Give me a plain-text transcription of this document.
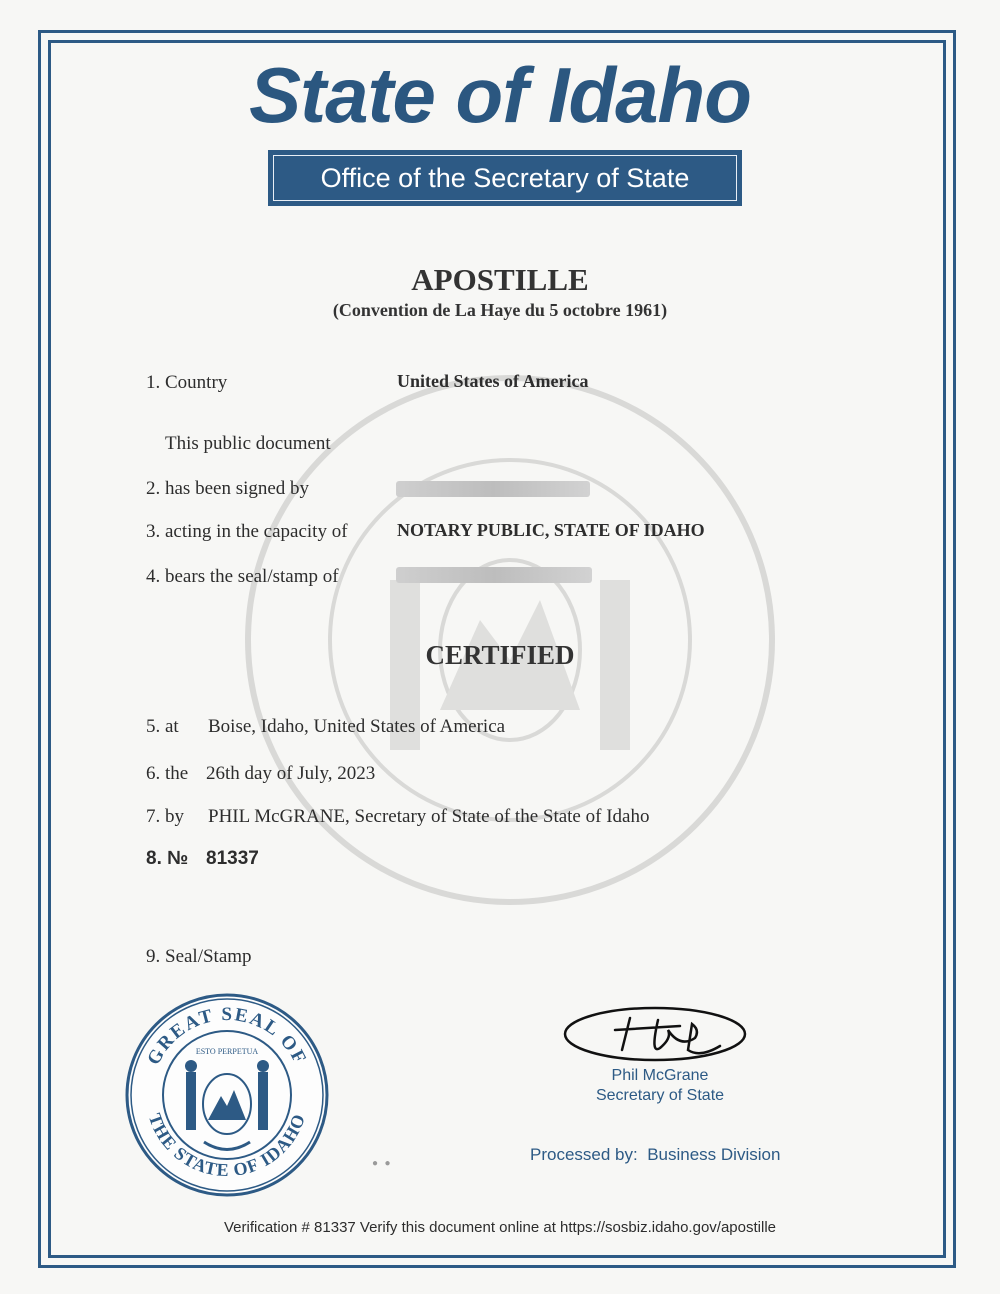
State of Idaho
Office of the Secretary of State
APOSTILLE
(Convention de La Haye du 5 octobre 1961)
1. Country	United States of America
This public document
2. has been signed by
3. acting in the capacity of	NOTARY PUBLIC, STATE OF IDAHO
4. bears the seal/stamp of
CERTIFIED
5. at Boise, Idaho, United States of America
6. the 26th day of July, 2023
7. by PHIL McGRANE, Secretary of State of the State of Idaho
8. № 81337
9. Seal/Stamp
GREAT SEAL OF
THE STATE OF IDAHO
ESTO PERPETUA
Phil McGrane
Secretary of State
Processed by: Business Division
● ●
Verification # 81337 Verify this document online at https://sosbiz.idaho.gov/apostille
